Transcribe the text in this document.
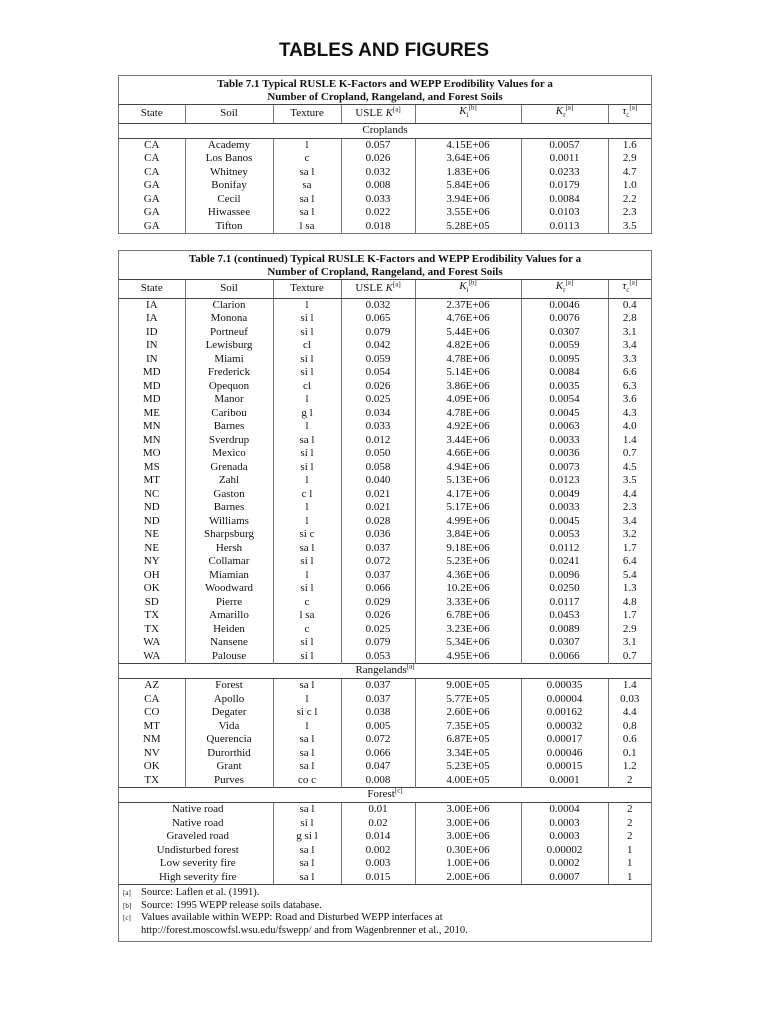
TABLES AND FIGURES
Table 7.1 Typical RUSLE K-Factors and WEPP Erodibility Values for a
Number of Cropland, Rangeland, and Forest Soils
State	Soil	Texture	USLE K[a]	$K_i[b]$	$K_r[a]$	$\tau_c[a]$
Croplands						
CA	Academy	l	0.057	4.15E+06	0.0057	1.6
CA	Los Banos	c	0.026	3.64E+06	0.0011	2.9
CA	Whitney	sa l	0.032	1.83E+06	0.0233	4.7
GA	Bonifay	sa	0.008	5.84E+06	0.0179	1.0
GA	Cecil	sa l	0.033	3.94E+06	0.0084	2.2
GA	Hiwassee	sa l	0.022	3.55E+06	0.0103	2.3
GA	Tifton	l sa	0.018	5.28E+05	0.0113	3.5
Table 7.1 (continued) Typical RUSLE K-Factors and WEPP Erodibility Values for a
Number of Cropland, Rangeland, and Forest Soils
State	Soil	Texture	USLE K[a]	$K_i[b]$	$K_r[a]$	$\tau_c[a]$
IA	Clarion	l	0.032	2.37E+06	0.0046	0.4
IA	Monona	si l	0.065	4.76E+06	0.0076	2.8
ID	Portneuf	si l	0.079	5.44E+06	0.0307	3.1
IN	Lewisburg	cl	0.042	4.82E+06	0.0059	3.4
IN	Miami	si l	0.059	4.78E+06	0.0095	3.3
MD	Frederick	si l	0.054	5.14E+06	0.0084	6.6
MD	Opequon	cl	0.026	3.86E+06	0.0035	6.3
MD	Manor	l	0.025	4.09E+06	0.0054	3.6
ME	Caribou	g l	0.034	4.78E+06	0.0045	4.3
MN	Barnes	l	0.033	4.92E+06	0.0063	4.0
MN	Sverdrup	sa l	0.012	3.44E+06	0.0033	1.4
MO	Mexico	si l	0.050	4.66E+06	0.0036	0.7
MS	Grenada	si l	0.058	4.94E+06	0.0073	4.5
MT	Zahl	l	0.040	5.13E+06	0.0123	3.5
NC	Gaston	c l	0.021	4.17E+06	0.0049	4.4
ND	Barnes	l	0.021	5.17E+06	0.0033	2.3
ND	Williams	l	0.028	4.99E+06	0.0045	3.4
NE	Sharpsburg	si c	0.036	3.84E+06	0.0053	3.2
NE	Hersh	sa l	0.037	9.18E+06	0.0112	1.7
NY	Collamar	si l	0.072	5.23E+06	0.0241	6.4
OH	Miamian	l	0.037	4.36E+06	0.0096	5.4
OK	Woodward	si l	0.066	10.2E+06	0.0250	1.3
SD	Pierre	c	0.029	3.33E+06	0.0117	4.8
TX	Amarillo	l sa	0.026	6.78E+06	0.0453	1.7
TX	Heiden	c	0.025	3.23E+06	0.0089	2.9
WA	Nansene	si l	0.079	5.34E+06	0.0307	3.1
WA	Palouse	si l	0.053	4.95E+06	0.0066	0.7
Rangelands[a]
AZ	Forest	sa l	0.037	9.00E+05	0.00035	1.4
CA	Apollo	l	0.037	5.77E+05	0.00004	0.03
CO	Degater	si c l	0.038	2.60E+06	0.00162	4.4
MT	Vida	l	0.005	7.35E+05	0.00032	0.8
NM	Querencia	sa l	0.072	6.87E+05	0.00017	0.6
NV	Durorthid	sa l	0.066	3.34E+05	0.00046	0.1
OK	Grant	sa l	0.047	5.23E+05	0.00015	1.2
TX	Purves	co c	0.008	4.00E+05	0.0001	2
Forest[c]
Native road		sa l	0.01	3.00E+06	0.0004	2
Native road		si l	0.02	3.00E+06	0.0003	2
Graveled road		g si l	0.014	3.00E+06	0.0003	2
Undisturbed forest		sa l	0.002	0.30E+06	0.00002	1
Low severity fire		sa l	0.003	1.00E+06	0.0002	1
High severity fire		sa l	0.015	2.00E+06	0.0007	1
[a] Source: Laflen et al. (1991).
[b] Source: 1995 WEPP release soils database.
[c] Values available within WEPP: Road and Disturbed WEPP interfaces at
http://forest.moscowfsl.wsu.edu/fswepp/ and from Wagenbrenner et al., 2010.
